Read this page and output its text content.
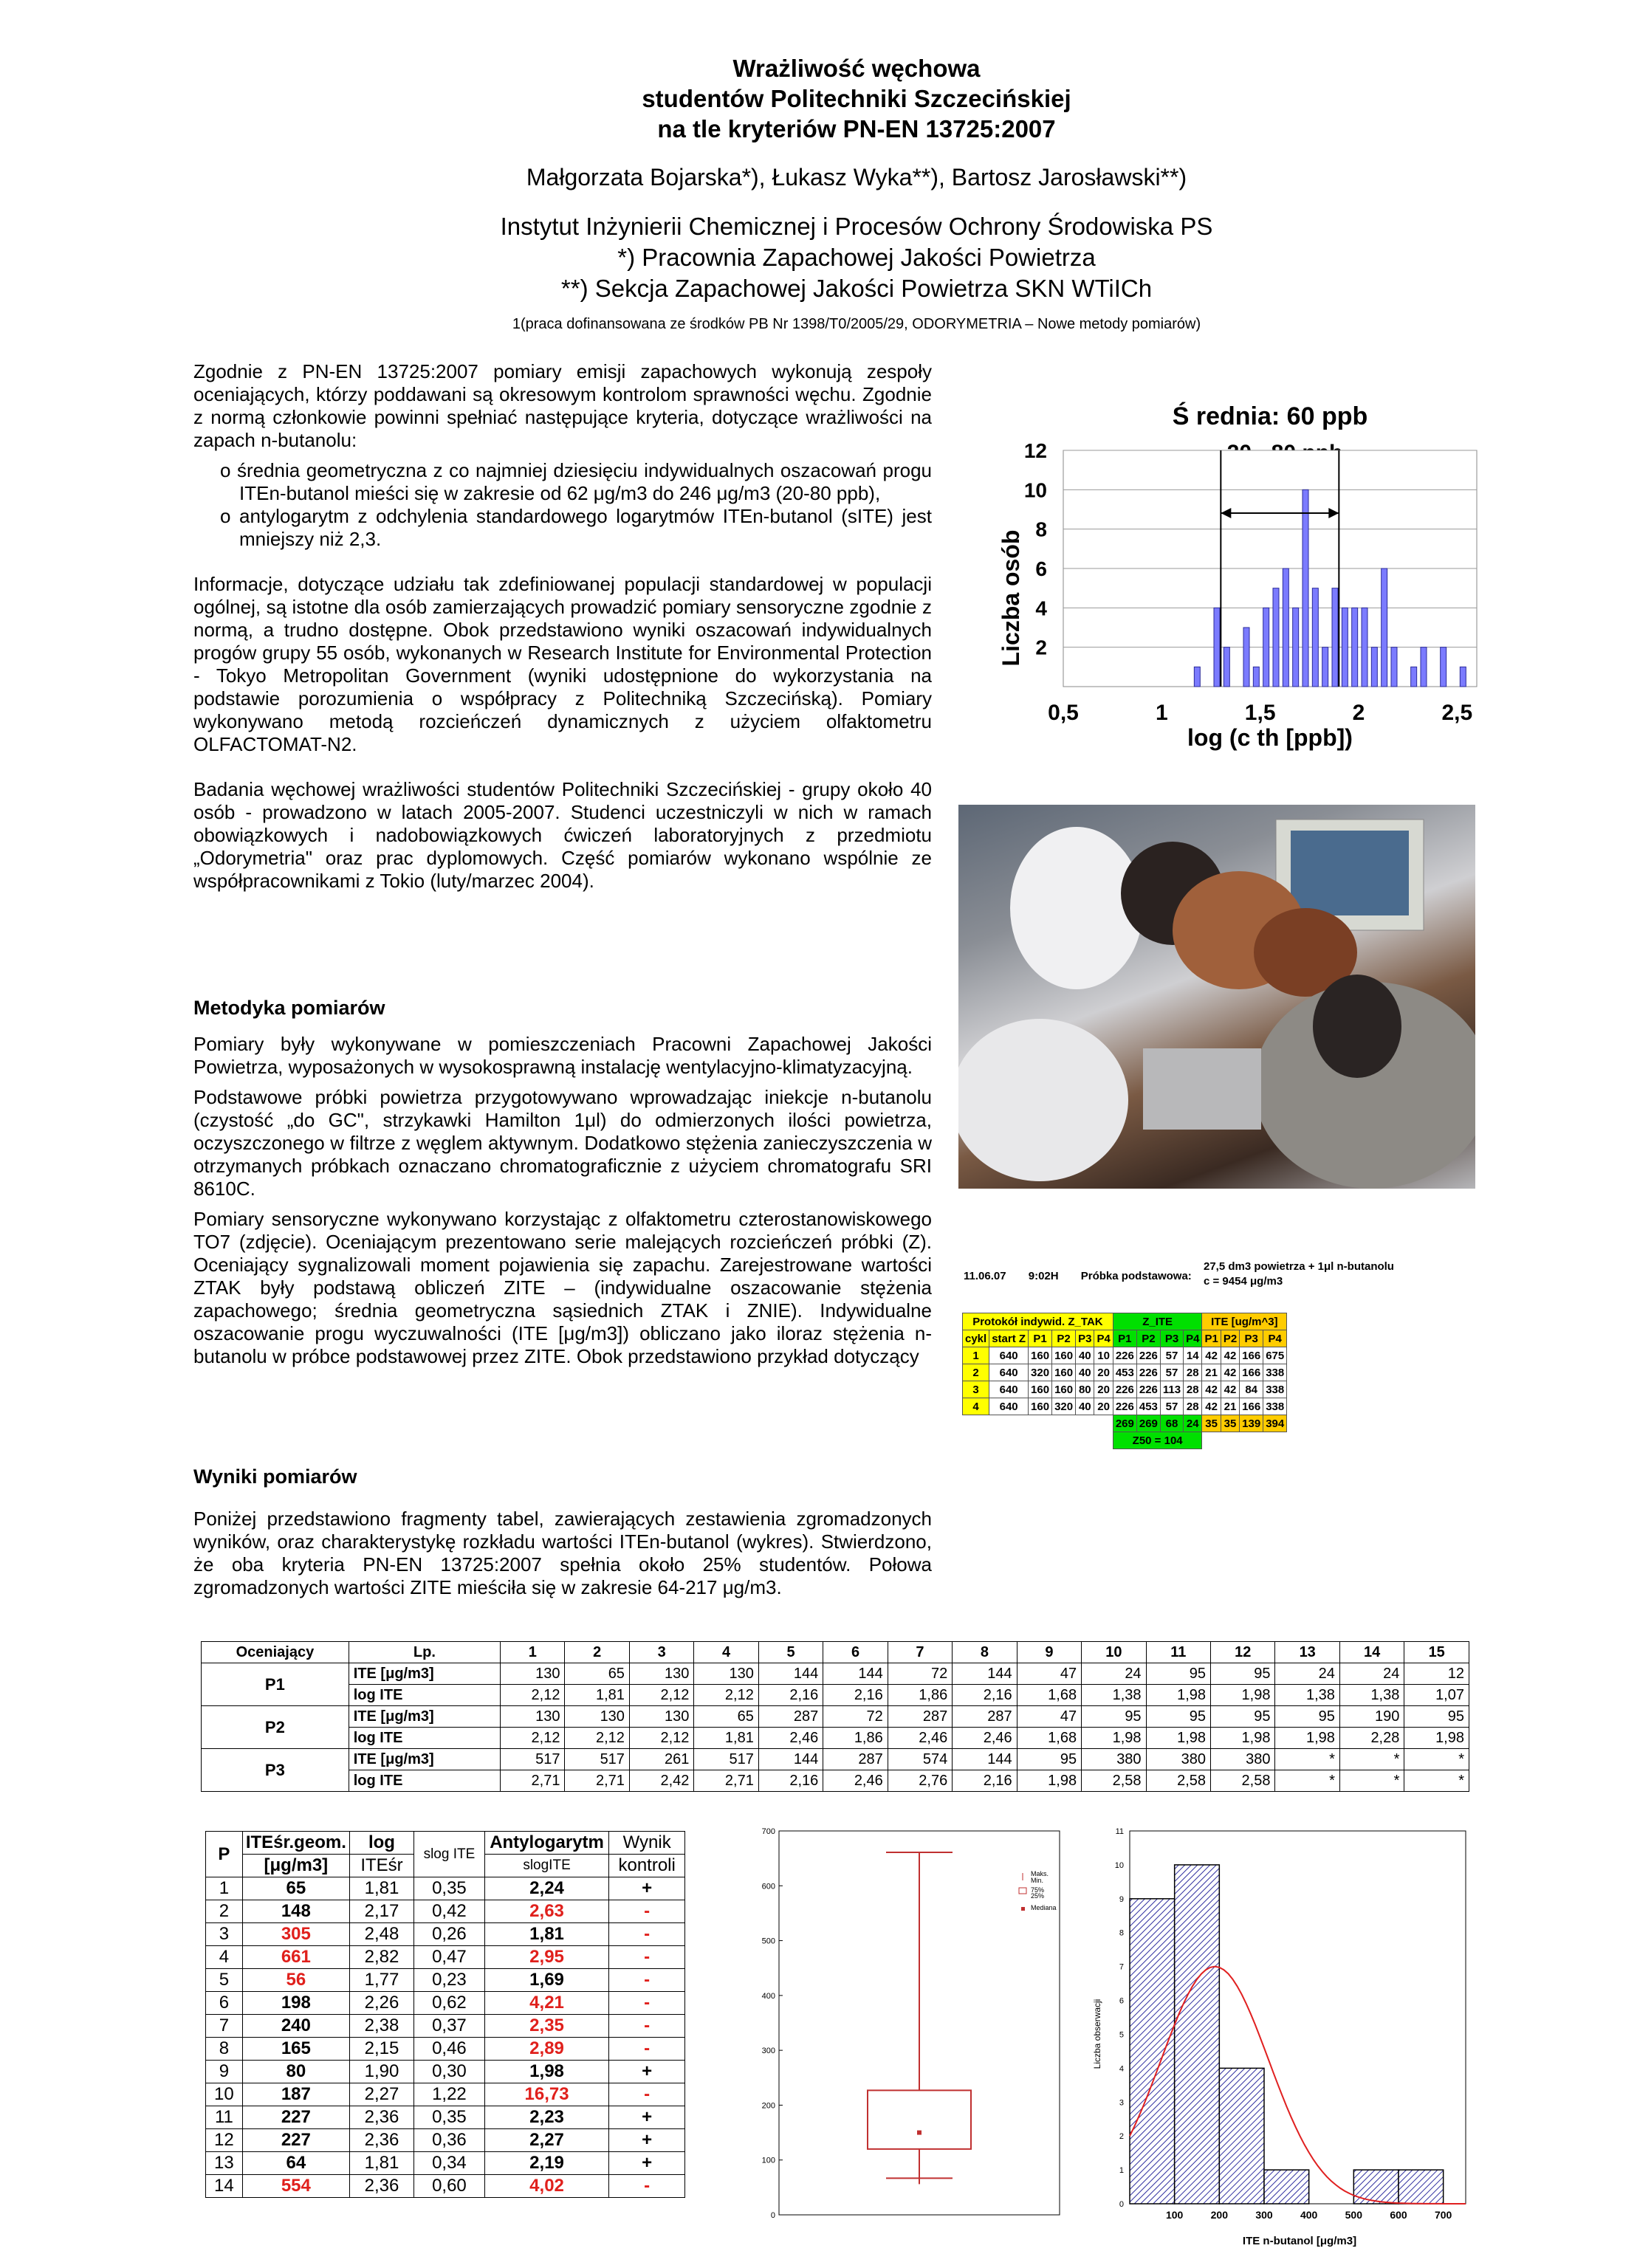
Wrażliwość węchowa
studentów Politechniki Szczecińskiej
na tle kryteriów PN-EN 13725:2007
Małgorzata Bojarska*), Łukasz Wyka**), Bartosz Jarosławski**)
Instytut Inżynierii Chemicznej i Procesów Ochrony Środowiska PS
*) Pracownia Zapachowej Jakości Powietrza
**) Sekcja Zapachowej Jakości Powietrza SKN WTiICh
1(praca dofinansowana ze środków PB Nr 1398/T0/2005/29, ODORYMETRIA – Nowe metody pomiarów)

Zgodnie z PN-EN 13725:2007 pomiary emisji zapachowych wykonują zespoły oceniających, którzy poddawani są okresowym kontrolom sprawności węchu. Zgodnie z normą członkowie powinni spełniać następujące kryteria, dotyczące wrażliwości na zapach n-butanolu:

o średnia geometryczna z co najmniej dziesięciu indywidualnych oszacowań progu ITEn-butanol mieści się w zakresie od 62 μg/m3 do 246 μg/m3 (20-80 ppb),
o antylogarytm z odchylenia standardowego logarytmów ITEn-butanol (sITE) jest mniejszy niż 2,3.

Informacje, dotyczące udziału tak zdefiniowanej populacji standardowej w populacji ogólnej, są istotne dla osób zamierzających prowadzić pomiary sensoryczne zgodnie z normą, a trudno dostępne. Obok przedstawiono wyniki oszacowań indywidualnych progów grupy 55 osób, wykonanych w Research Institute for Environmental Protection - Tokyo Metropolitan Government (wyniki udostępnione do wykorzystania na podstawie porozumienia o współpracy z Politechniką Szczecińską). Pomiary wykonywano metodą rozcieńczeń dynamicznych z użyciem olfaktometru OLFACTOMAT-N2.

Badania węchowej wrażliwości studentów Politechniki Szczecińskiej - grupy około 40 osób - prowadzono w latach 2005-2007. Studenci uczestniczyli w nich w ramach obowiązkowych i nadobowiązkowych ćwiczeń laboratoryjnych z przedmiotu „Odorymetria" oraz prac dyplomowych. Część pomiarów wykonano wspólnie ze współpracownikami z Tokio (luty/marzec 2004).

Metodyka pomiarów

Pomiary były wykonywane w pomieszczeniach Pracowni Zapachowej Jakości Powietrza, wyposażonych w wysokosprawną instalację wentylacyjno-klimatyzacyjną.

Podstawowe próbki powietrza przygotowywano wprowadzając iniekcje n-butanolu (czystość „do GC", strzykawki Hamilton 1μl) do odmierzonych ilości powietrza, oczyszczonego w filtrze z węglem aktywnym. Dodatkowo stężenia zanieczyszczenia w otrzymanych próbkach oznaczano chromatograficznie z użyciem chromatografu SRI 8610C.

Pomiary sensoryczne wykonywano korzystając z olfaktometru czterostanowiskowego TO7 (zdjęcie). Oceniającym prezentowano serie malejących rozcieńczeń próbki (Z). Oceniający sygnalizowali moment pojawienia się zapachu. Zarejestrowane wartości ZTAK były podstawą obliczeń ZITE – (indywidualne oszacowanie stężenia zapachowego; średnia geometryczna sąsiednich ZTAK i ZNIE). Indywidualne oszacowanie progu wyczuwalności (ITE [μg/m3]) obliczano jako iloraz stężenia n-butanolu w próbce podstawowej przez ZITE. Obok przedstawiono przykład dotyczący

Wyniki pomiarów

Poniżej przedstawiono fragmenty tabel, zawierających zestawienia zgromadzonych wyników, oraz charakterystykę rozkładu wartości ITEn-butanol (wykres). Stwierdzono, że oba kryteria PN-EN 13725:2007 spełnia około 25% studentów. Połowa zgromadzonych wartości ZITE mieściła się w zakresie 64-217 μg/m3.

Ś rednia: 60 ppb
Liczba osób
0,5	1	1,5	2	2,5
2
4
6
8
10
12
log (c th [ppb])
11.06.07 9:02H Próbka podstawowa:
27,5 dm3 powietrza + 1μl n-butanolu
c = 9454 μg/m3
Protokół indywid. Z_TAK						Z_ITE				ITE [ug/m^3]			
cykl	start Z	P1	P2	P3	P4	P1	P2	P3	P4	P1	P2	P3	P4
1	640	160	160	40	10	226	226	57	14	42	42	166	675
2	640	320	160	40	20	453	226	57	28	21	42	166	338
3	640	160	160	80	20	226	226	113	28	42	42	84	338
4	640	160	320	40	20	226	453	57	28	42	21	166	338
						269	269	68	24	35	35	139	394
						Z50 = 104							
Oceniający	Lp.	1	2	3	4	5	6	7	8	9	10	11	12	13	14	15
P1	ITE [μg/m3]	130	65	130	130	144	144	72	144	47	24	95	95	24	24	12
	log ITE	2,12	1,81	2,12	2,12	2,16	2,16	1,86	2,16	1,68	1,38	1,98	1,98	1,38	1,38	1,07
P2	ITE [μg/m3]	130	130	130	65	287	72	287	287	47	95	95	95	95	190	95
	log ITE	2,12	2,12	2,12	1,81	2,46	1,86	2,46	2,46	1,68	1,98	1,98	1,98	1,98	2,28	1,98
P3	ITE [μg/m3]	517	517	261	517	144	287	574	144	95	380	380	380	*	*	*
	log ITE	2,71	2,71	2,42	2,71	2,16	2,46	2,76	2,16	1,98	2,58	2,58	2,58	*	*	*
P	ITEśr.geom.	log	slog ITE	Antylogarytm	Wynik
	[μg/m3]	ITEśr		slogITE	kontroli
1	65	1,81	0,35	2,24	+
2	148	2,17	0,42	2,63	-
3	305	2,48	0,26	1,81	-
4	661	2,82	0,47	2,95	-
5	56	1,77	0,23	1,69	-
6	198	2,26	0,62	4,21	-
7	240	2,38	0,37	2,35	-
8	165	2,15	0,46	2,89	-
9	80	1,90	0,30	1,98	+
10	187	2,27	1,22	16,73	-
11	227	2,36	0,35	2,23	+
12	227	2,36	0,36	2,27	+
13	64	1,81	0,34	2,19	+
14	554	2,36	0,60	4,02	-
0
100
200
300
400
500
600
700
Maks.
Min.
75%
25%
Mediana
Liczba obserwacji
0
1
2
3
4
5
6
7
8
9
10
11
100	200	300	400	500	600	700
ITE n-butanol [μg/m3]
